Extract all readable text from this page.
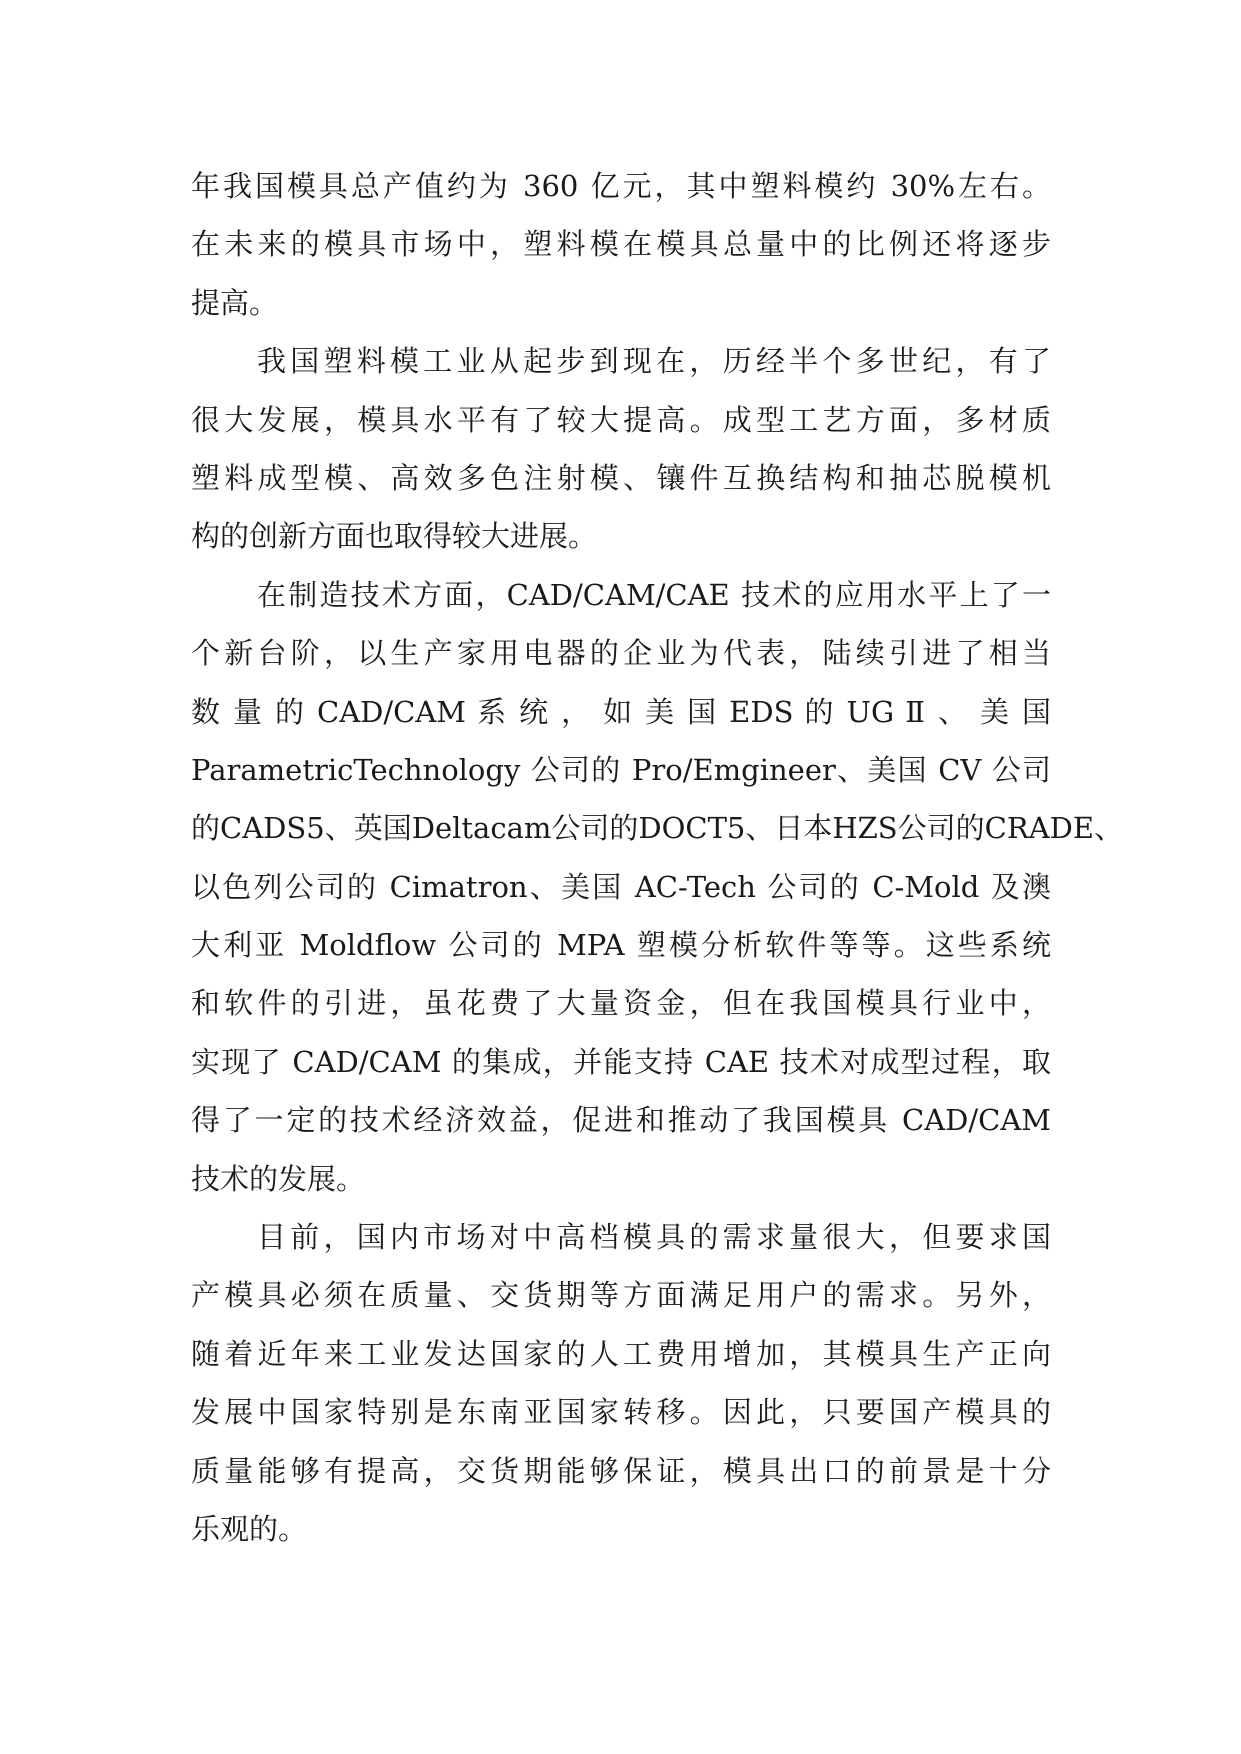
年我国模具总产值约为 360 亿元，其中塑料模约 30%左右。
在未来的模具市场中，塑料模在模具总量中的比例还将逐步
提高。
我国塑料模工业从起步到现在，历经半个多世纪，有了
很大发展，模具水平有了较大提高。成型工艺方面，多材质
塑料成型模、高效多色注射模、镶件互换结构和抽芯脱模机
构的创新方面也取得较大进展。
在制造技术方面，CAD/CAM/CAE 技术的应用水平上了一
个新台阶，以生产家用电器的企业为代表，陆续引进了相当
数 量 的 CAD/CAM 系 统 ， 如 美 国 EDS 的 UG Ⅱ 、 美 国
ParametricTechnology 公司的 Pro/Emgineer、美国 CV 公司
的CADS5、英国Deltacam公司的DOCT5、日本HZS公司的CRADE、
以色列公司的 Cimatron、美国 AC-Tech 公司的 C-Mold 及澳
大利亚 Moldflow 公司的 MPA 塑模分析软件等等。这些系统
和软件的引进，虽花费了大量资金，但在我国模具行业中，
实现了 CAD/CAM 的集成，并能支持 CAE 技术对成型过程，取
得了一定的技术经济效益，促进和推动了我国模具 CAD/CAM
技术的发展。
目前，国内市场对中高档模具的需求量很大，但要求国
产模具必须在质量、交货期等方面满足用户的需求。另外，
随着近年来工业发达国家的人工费用增加，其模具生产正向
发展中国家特别是东南亚国家转移。因此，只要国产模具的
质量能够有提高，交货期能够保证，模具出口的前景是十分
乐观的。
